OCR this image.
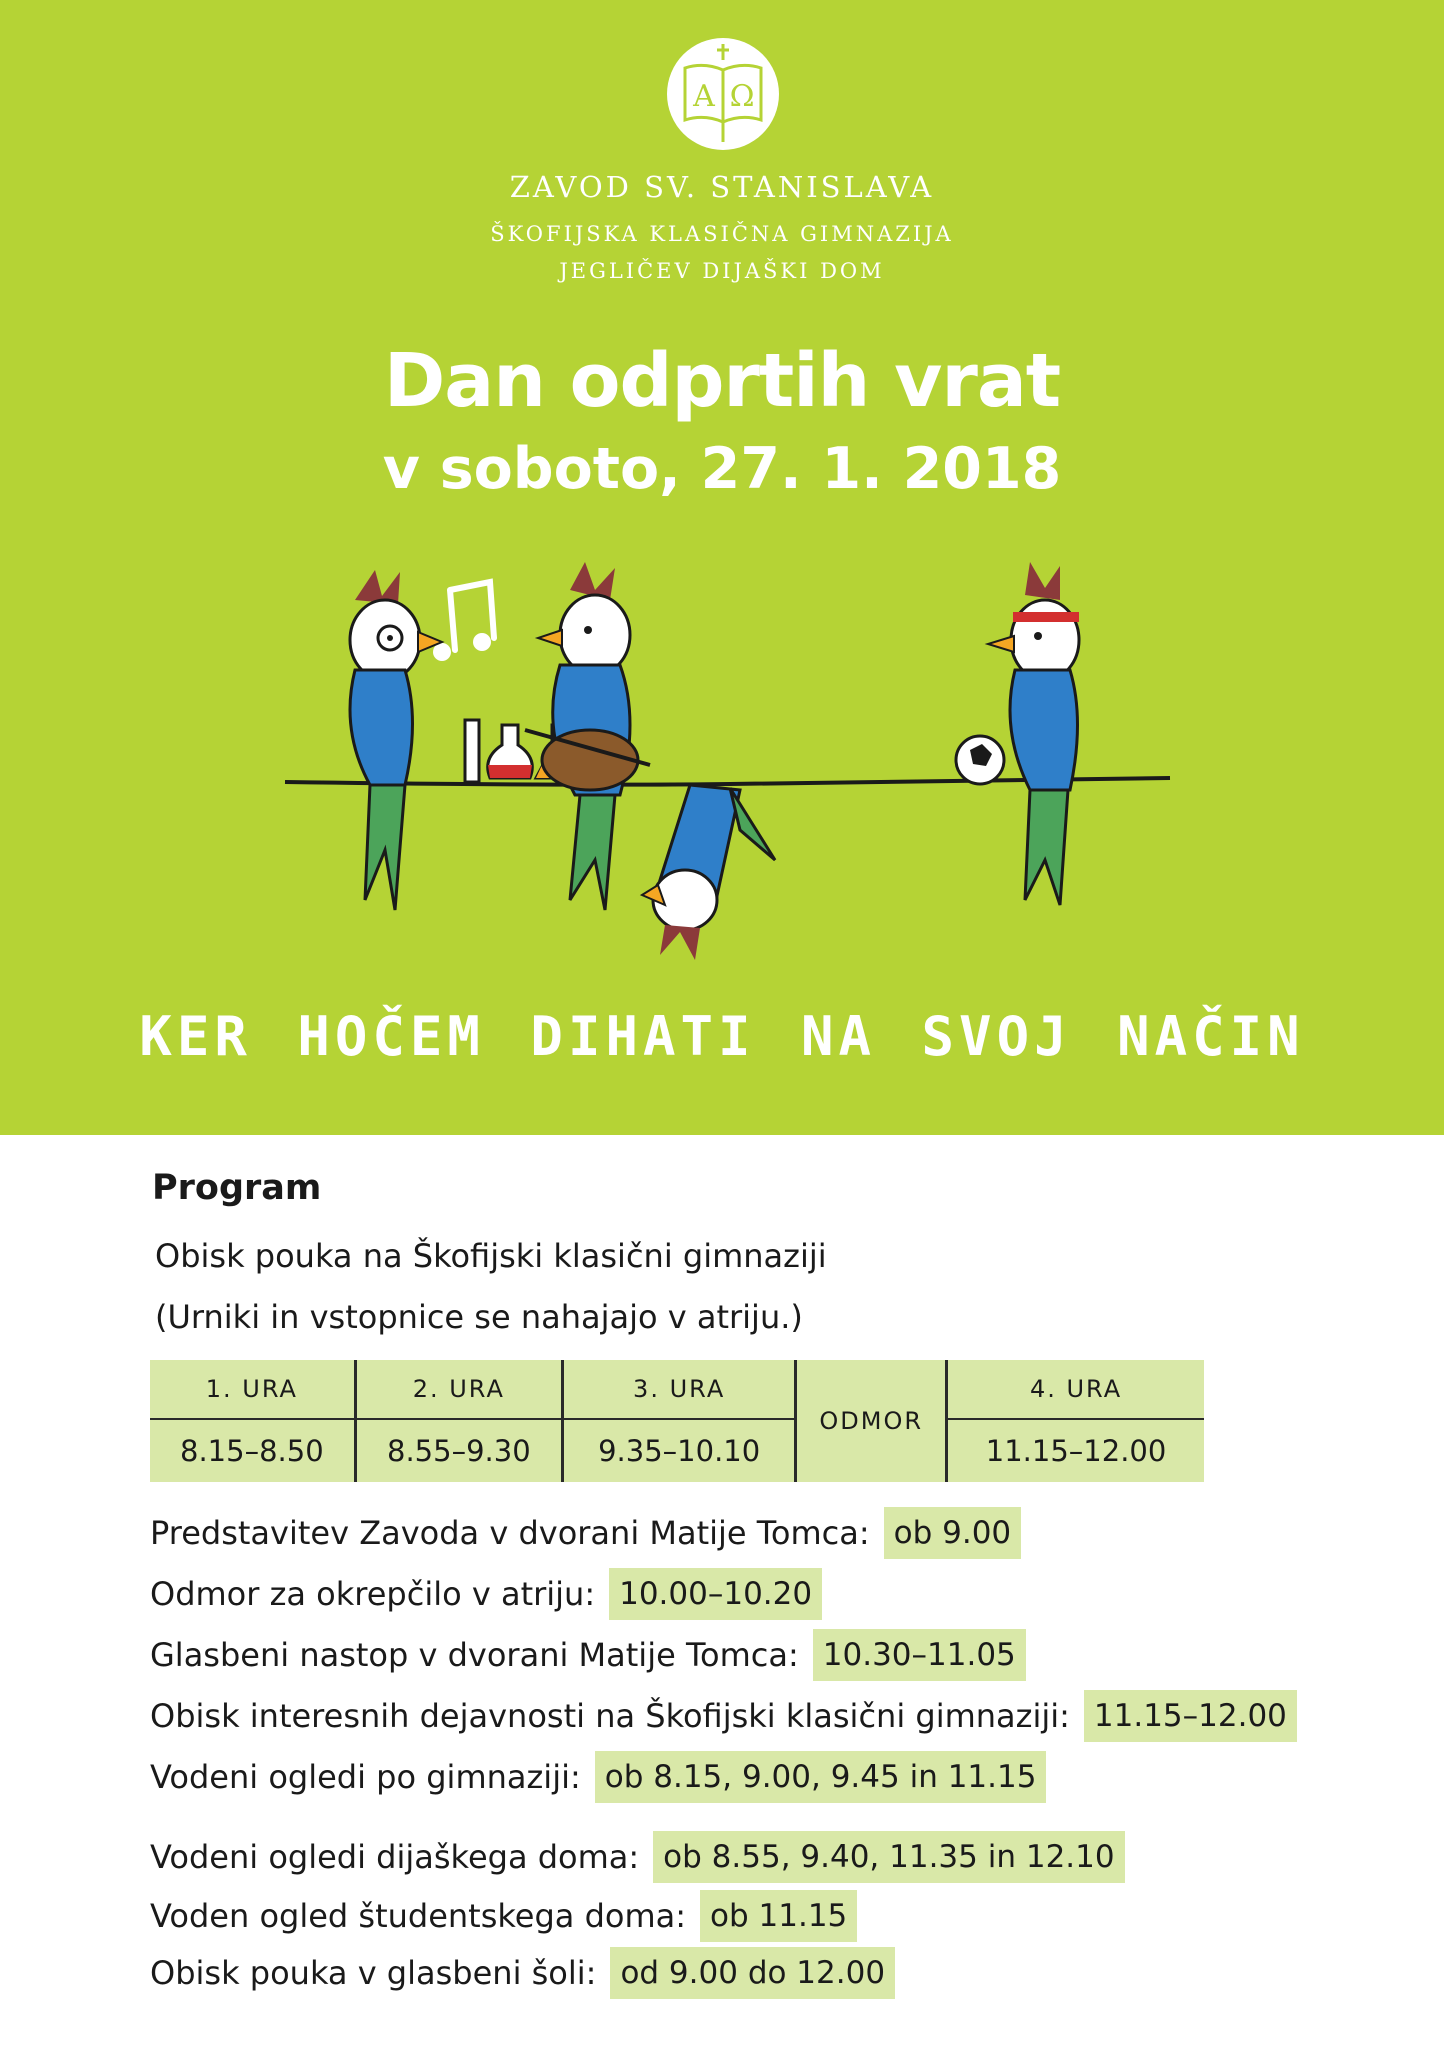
A Ω
ZAVOD SV. STANISLAVA
ŠKOFIJSKA KLASIČNA GIMNAZIJA
JEGLIČEV DIJAŠKI DOM
Dan odprtih vrat
v soboto, 27. 1. 2018
KER HOČEM DIHATI NA SVOJ NAČIN
Program
Obisk pouka na Škofijski klasični gimnaziji
(Urniki in vstopnice se nahajajo v atriju.)
1. URA	2. URA	3. URA	ODMOR	4. URA
8.15–8.50	8.55–9.30	9.35–10.10		11.15–12.00
Predstavitev Zavoda v dvorani Matije Tomca: ob 9.00
Odmor za okrepčilo v atriju: 10.00–10.20
Glasbeni nastop v dvorani Matije Tomca: 10.30–11.05
Obisk interesnih dejavnosti na Škofijski klasični gimnaziji: 11.15–12.00
Vodeni ogledi po gimnaziji: ob 8.15, 9.00, 9.45 in 11.15
Vodeni ogledi dijaškega doma: ob 8.55, 9.40, 11.35 in 12.10
Voden ogled študentskega doma: ob 11.15
Obisk pouka v glasbeni šoli: od 9.00 do 12.00
